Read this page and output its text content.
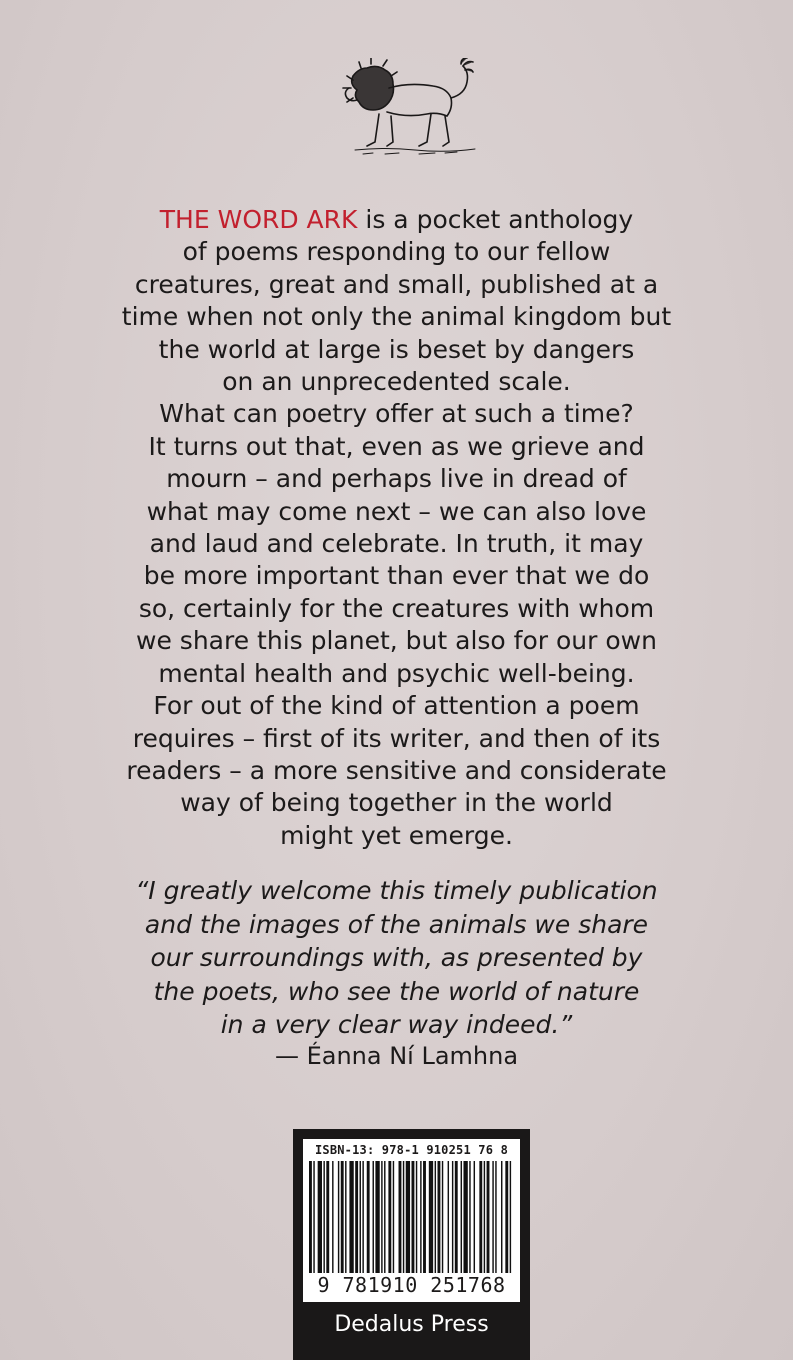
THE WORD ARK is a pocket anthology
of poems responding to our fellow
creatures, great and small, published at a
time when not only the animal kingdom but
the world at large is beset by dangers
on an unprecedented scale.
What can poetry offer at such a time?
It turns out that, even as we grieve and
mourn – and perhaps live in dread of
what may come next – we can also love
and laud and celebrate. In truth, it may
be more important than ever that we do
so, certainly for the creatures with whom
we share this planet, but also for our own
mental health and psychic well-being.
For out of the kind of attention a poem
requires – first of its writer, and then of its
readers – a more sensitive and considerate
way of being together in the world
might yet emerge.

“I greatly welcome this timely publication
and the images of the animals we share
our surroundings with, as presented by
the poets, who see the world of nature
in a very clear way indeed.”

— Éanna Ní Lamhna
ISBN-13: 978-1 910251 76 8
9 781910 251768
Dedalus Press
